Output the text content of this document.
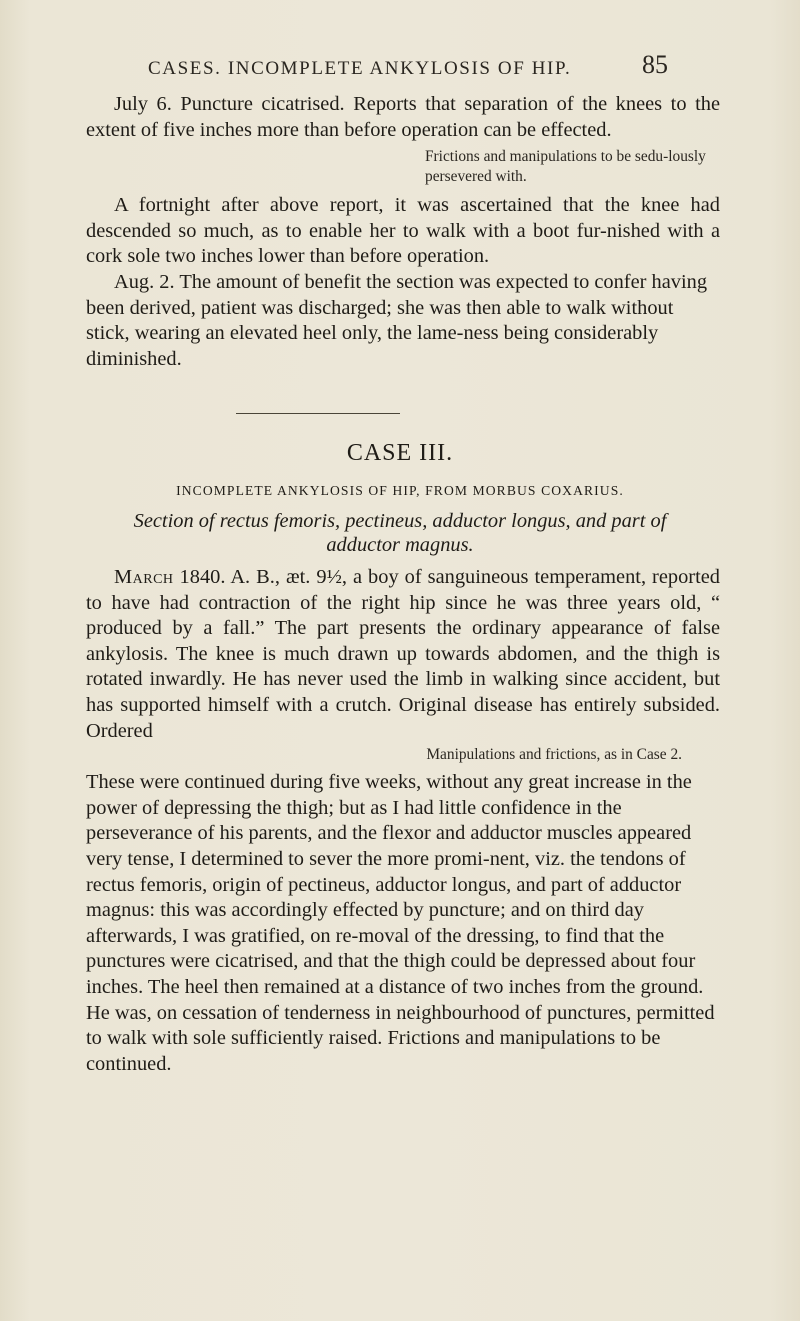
CASES. INCOMPLETE ANKYLOSIS OF HIP.	85

July 6. Puncture cicatrised. Reports that separation of the knees to the extent of five inches more than before operation can be effected.

Frictions and manipulations to be sedu-lously persevered with.

A fortnight after above report, it was ascertained that the knee had descended so much, as to enable her to walk with a boot fur-nished with a cork sole two inches lower than before operation.

Aug. 2. The amount of benefit the section was expected to confer having been derived, patient was discharged; she was then able to walk without stick, wearing an elevated heel only, the lame-ness being considerably diminished.

CASE III.
INCOMPLETE ANKYLOSIS OF HIP, FROM MORBUS COXARIUS.
Section of rectus femoris, pectineus, adductor longus, and part of adductor magnus.

March 1840. A. B., æt. 9½, a boy of sanguineous temperament, reported to have had contraction of the right hip since he was three years old, “ produced by a fall.” The part presents the ordinary appearance of false ankylosis. The knee is much drawn up towards abdomen, and the thigh is rotated inwardly. He has never used the limb in walking since accident, but has supported himself with a crutch. Original disease has entirely subsided. Ordered

Manipulations and frictions, as in Case 2.

These were continued during five weeks, without any great increase in the power of depressing the thigh; but as I had little confidence in the perseverance of his parents, and the flexor and adductor muscles appeared very tense, I determined to sever the more promi-nent, viz. the tendons of rectus femoris, origin of pectineus, adductor longus, and part of adductor magnus: this was accordingly effected by puncture; and on third day afterwards, I was gratified, on re-moval of the dressing, to find that the punctures were cicatrised, and that the thigh could be depressed about four inches. The heel then remained at a distance of two inches from the ground. He was, on cessation of tenderness in neighbourhood of punctures, permitted to walk with sole sufficiently raised. Frictions and manipulations to be continued.
